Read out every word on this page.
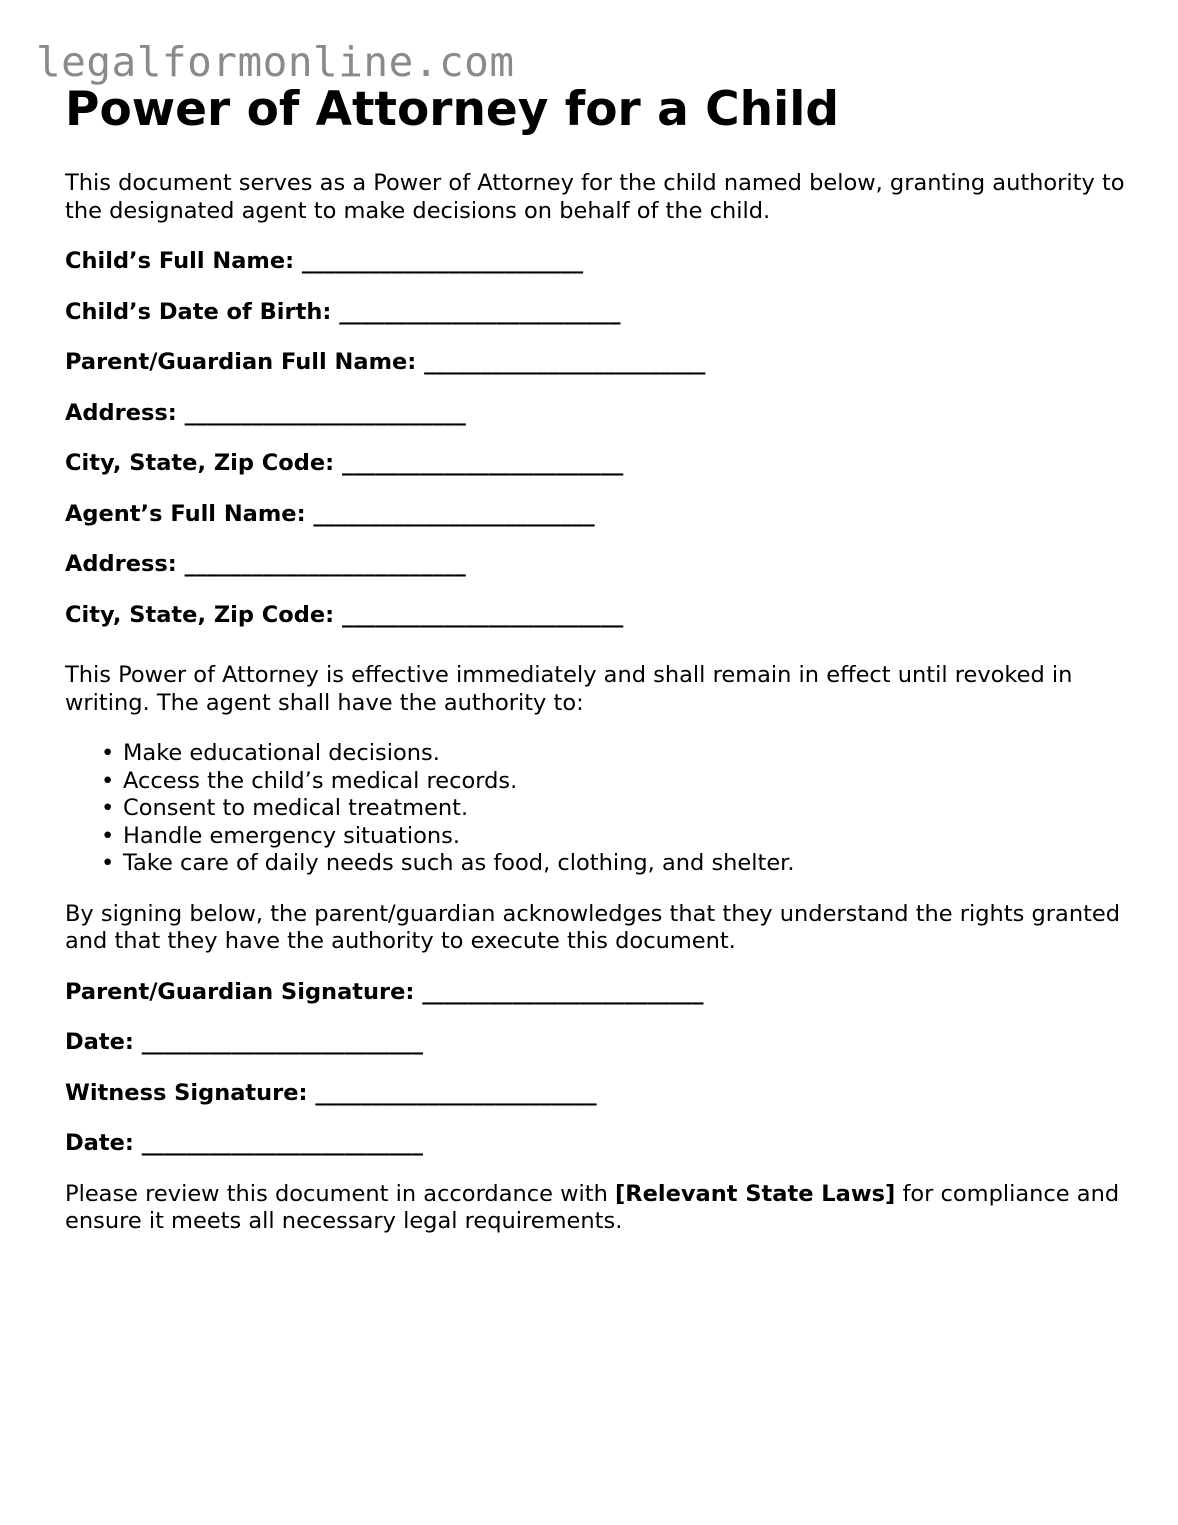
legalformonline.com
Power of Attorney for a Child

This document serves as a Power of Attorney for the child named below, granting authority to the designated agent to make decisions on behalf of the child.

Child’s Full Name: _________________________
Child’s Date of Birth: _________________________
Parent/Guardian Full Name: _________________________
Address: _________________________
City, State, Zip Code: _________________________
Agent’s Full Name: _________________________
Address: _________________________
City, State, Zip Code: _________________________

This Power of Attorney is effective immediately and shall remain in effect until revoked in writing. The agent shall have the authority to:

• Make educational decisions.
• Access the child’s medical records.
• Consent to medical treatment.
• Handle emergency situations.
• Take care of daily needs such as food, clothing, and shelter.

By signing below, the parent/guardian acknowledges that they understand the rights granted and that they have the authority to execute this document.

Parent/Guardian Signature: _________________________
Date: _________________________
Witness Signature: _________________________
Date: _________________________

Please review this document in accordance with [Relevant State Laws] for compliance and ensure it meets all necessary legal requirements.
